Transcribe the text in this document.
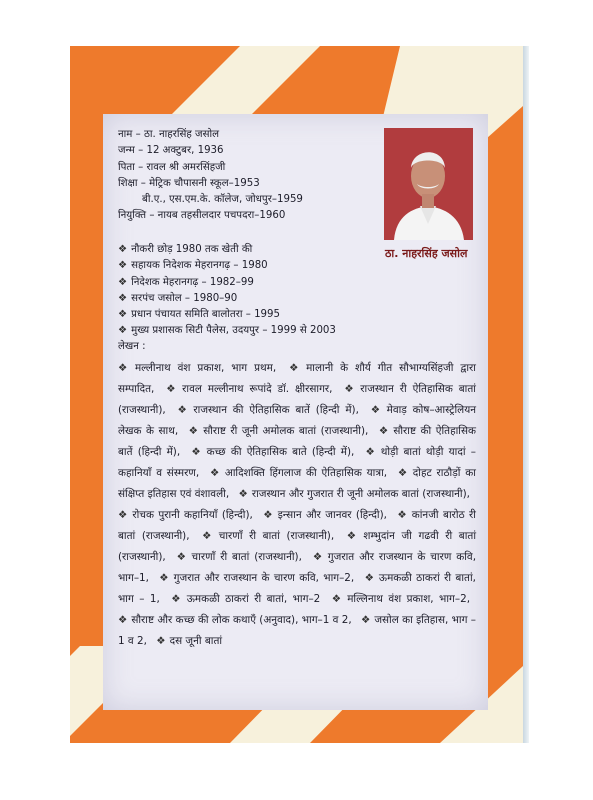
नाम – ठा. नाहरसिंह जसोल
जन्म – 12 अक्टुबर, 1936
पिता – रावल श्री अमरसिंहजी
शिक्षा – मेट्रिक चौपासनी स्कूल–1953
बी.ए., एस.एम.के. कॉलेज, जोधपुर–1959
नियुक्ति – नायब तहसीलदार पचपदरा–1960
ठा. नाहरसिंह जसोल
❖ नौकरी छोड़ 1980 तक खेती की
❖ सहायक निदेशक मेहरानगढ़ – 1980
❖ निदेशक मेहरानगढ़ – 1982–99
❖ सरपंच जसोल – 1980–90
❖ प्रधान पंचायत समिति बालोतरा – 1995
❖ मुख्य प्रशासक सिटी पैलेस, उदयपुर – 1999 से 2003
लेखन :
❖ मल्लीनाथ वंश प्रकाश, भाग प्रथम, ❖ मालानी के शौर्य गीत सौभाग्यसिंहजी द्वारा सम्पादित, ❖ रावल मल्लीनाथ रूपांदे डॉ. क्षीरसागर, ❖ राजस्थान री ऐतिहासिक बातां (राजस्थानी), ❖ राजस्थान की ऐतिहासिक बातें (हिन्दी में), ❖ मेवाड़ कोष–आस्ट्रेलियन लेखक के साथ, ❖ सौराष्ट री जूनी अमोलक बातां (राजस्थानी), ❖ सौराष्ट की ऐतिहासिक बातें (हिन्दी में), ❖ कच्छ की ऐतिहासिक बाते (हिन्दी में), ❖ थोड़ी बातां थोड़ी यादां – कहानियाँ व संस्मरण, ❖ आदिशक्ति हिंगलाज की ऐतिहासिक यात्रा, ❖ दोहट राठौड़ों का संक्षिप्त इतिहास एवं वंशावली, ❖ राजस्थान और गुजरात री जूनी अमोलक बातां (राजस्थानी), ❖ रोचक पुरानी कहानियाँ (हिन्दी), ❖ इन्सान और जानवर (हिन्दी), ❖ कांनजी बारोठ री बातां (राजस्थानी), ❖ चारणाँ री बातां (राजस्थानी), ❖ शम्भुदांन जी गढवी री बातां (राजस्थानी), ❖ चारणाँ री बातां (राजस्थानी), ❖ गुजरात और राजस्थान के चारण कवि, भाग–1, ❖ गुजरात और राजस्थान के चारण कवि, भाग–2, ❖ ऊमकळी ठाकरां री बातां, भाग – 1, ❖ ऊमकळी ठाकरां री बातां, भाग–2 ❖ मल्लिनाथ वंश प्रकाश, भाग–2, ❖ सौराष्ट और कच्छ की लोक कथाएँ (अनुवाद), भाग–1 व 2, ❖ जसोल का इतिहास, भाग – 1 व 2, ❖ दस जूनी बातां
